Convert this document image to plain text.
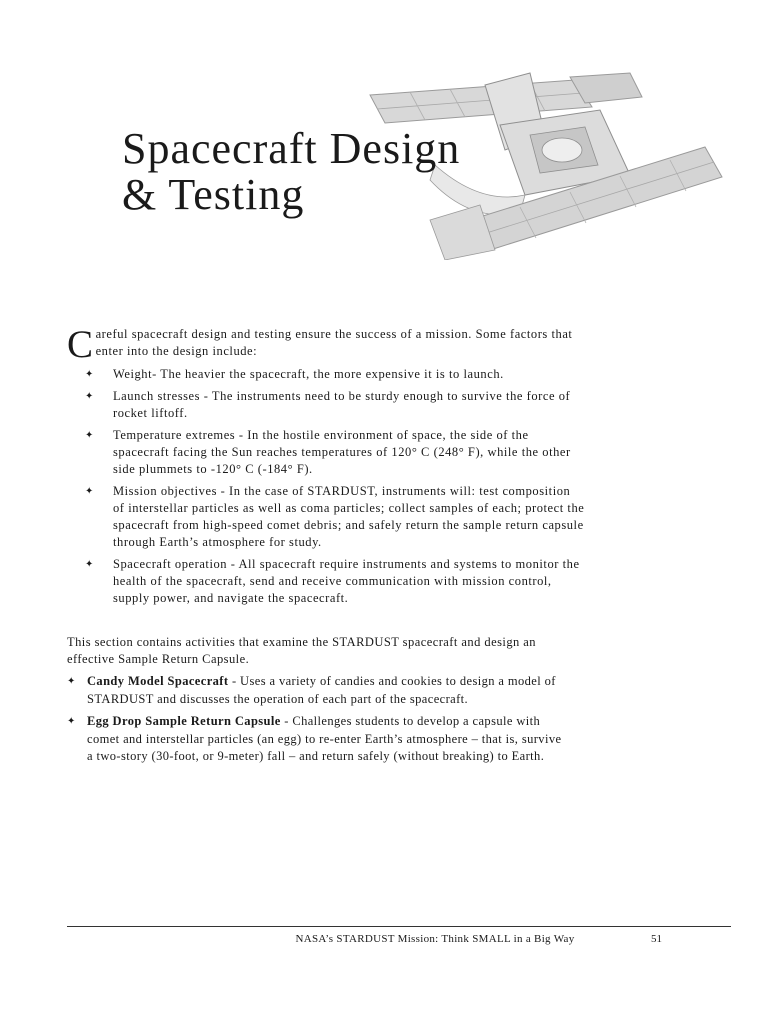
Spacecraft Design
& Testing

Careful spacecraft design and testing ensure the success of a mission. Some factors that enter into the design include:

✦ Weight- The heavier the spacecraft, the more expensive it is to launch.
✦ Launch stresses - The instruments need to be sturdy enough to survive the force of rocket liftoff.
✦ Temperature extremes - In the hostile environment of space, the side of the spacecraft facing the Sun reaches temperatures of 120° C (248° F), while the other side plummets to -120° C (-184° F).
✦ Mission objectives - In the case of STARDUST, instruments will: test composition of interstellar particles as well as coma particles; collect samples of each; protect the spacecraft from high-speed comet debris; and safely return the sample return capsule through Earth’s atmosphere for study.
✦ Spacecraft operation - All spacecraft require instruments and systems to monitor the health of the spacecraft, send and receive communication with mission control, supply power, and navigate the spacecraft.

This section contains activities that examine the STARDUST spacecraft and design an effective Sample Return Capsule.

✦ Candy Model Spacecraft - Uses a variety of candies and cookies to design a model of STARDUST and discusses the operation of each part of the spacecraft.
✦ Egg Drop Sample Return Capsule - Challenges students to develop a capsule with comet and interstellar particles (an egg) to re-enter Earth’s atmosphere – that is, survive a two-story (30-foot, or 9-meter) fall – and return safely (without breaking) to Earth.
NASA’s STARDUST Mission: Think SMALL in a Big Way	51
